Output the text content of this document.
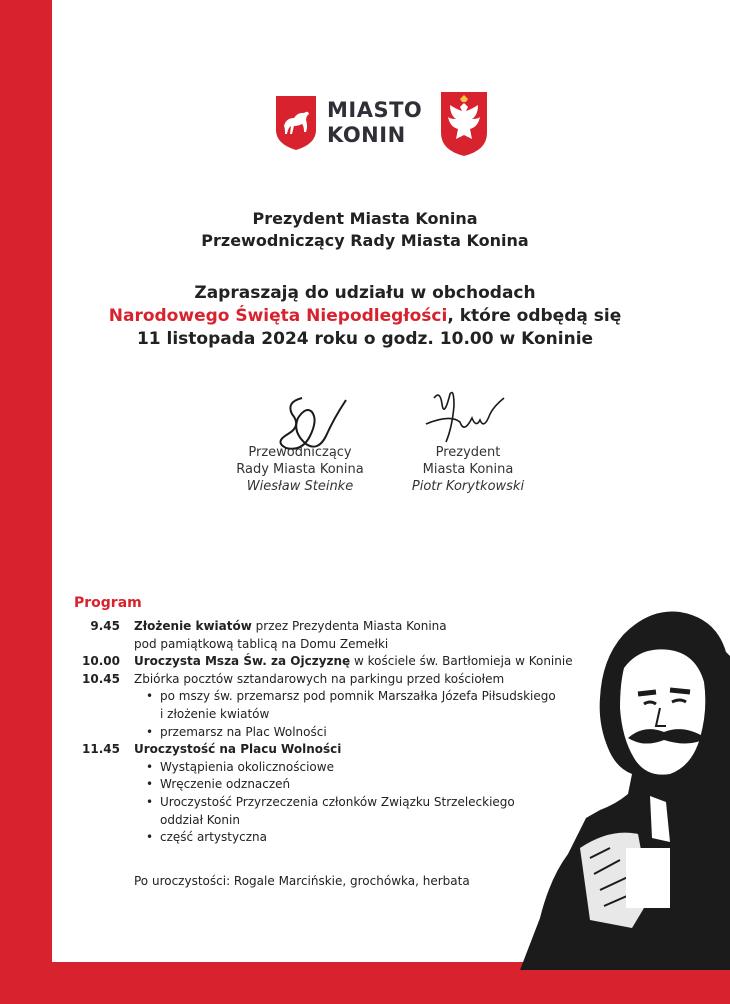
MIASTO
KONIN
Prezydent Miasta Konina
Przewodniczący Rady Miasta Konina
Zapraszają do udziału w obchodach
Narodowego Święta Niepodległości, które odbędą się
11 listopada 2024 roku o godz. 10.00 w Koninie
Przewodniczący
Rady Miasta Konina
Wiesław Steinke
Prezydent
Miasta Konina
Piotr Korytkowski
Program
9.45	Złożenie kwiatów przez Prezydenta Miasta Konina
pod pamiątkową tablicą na Domu Zemełki
10.00	Uroczysta Msza Św. za Ojczyznę w kościele św. Bartłomieja w Koninie
10.45	Zbiórka pocztów sztandarowych na parkingu przed kościołem
• po mszy św. przemarsz pod pomnik Marszałka Józefa Piłsudskiego
i złożenie kwiatów
• przemarsz na Plac Wolności
11.45	Uroczystość na Placu Wolności
• Wystąpienia okolicznościowe
• Wręczenie odznaczeń
• Uroczystość Przyrzeczenia członków Związku Strzeleckiego
oddział Konin
• część artystyczna
Po uroczystości: Rogale Marcińskie, grochówka, herbata
